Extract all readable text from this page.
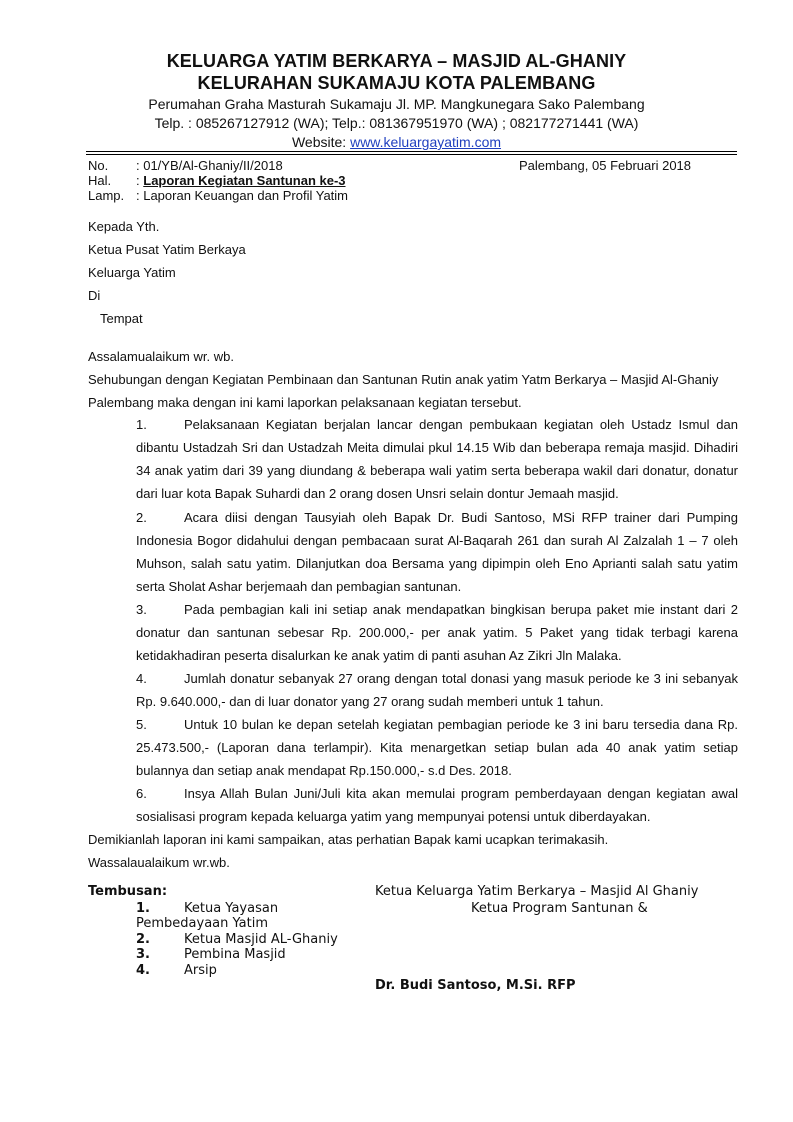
KELUARGA YATIM BERKARYA – MASJID AL-GHANIY
KELURAHAN SUKAMAJU KOTA PALEMBANG
Perumahan Graha Masturah Sukamaju Jl. MP. Mangkunegara Sako Palembang
Telp. : 085267127912 (WA); Telp.: 081367951970 (WA) ; 082177271441 (WA)
Website: www.keluargayatim.com
No. : 01/YB/Al-Ghaniy/II/2018	Palembang, 05 Februari 2018
Hal. : Laporan Kegiatan Santunan ke-3
Lamp. : Laporan Keuangan dan Profil Yatim
Kepada Yth.
Ketua Pusat Yatim Berkaya
Keluarga Yatim
Di
Tempat
Assalamualaikum wr. wb.
Sehubungan dengan Kegiatan Pembinaan dan Santunan Rutin anak yatim Yatm Berkarya – Masjid Al-Ghaniy
Palembang maka dengan ini kami laporkan pelaksanaan kegiatan tersebut.
1.	Pelaksanaan Kegiatan berjalan lancar dengan pembukaan kegiatan oleh Ustadz Ismul dan dibantu Ustadzah Sri dan Ustadzah Meita dimulai pkul 14.15 Wib dan beberapa remaja masjid. Dihadiri 34 anak yatim dari 39 yang diundang & beberapa wali yatim serta beberapa wakil dari donatur, donatur dari luar kota Bapak Suhardi dan 2 orang dosen Unsri selain dontur Jemaah masjid.
2.	Acara diisi dengan Tausyiah oleh Bapak Dr. Budi Santoso, MSi RFP trainer dari Pumping Indonesia Bogor didahului dengan pembacaan surat Al-Baqarah 261 dan surah Al Zalzalah 1 – 7 oleh Muhson, salah satu yatim. Dilanjutkan doa Bersama yang dipimpin oleh Eno Aprianti salah satu yatim serta Sholat Ashar berjemaah dan pembagian santunan.
3.	Pada pembagian kali ini setiap anak mendapatkan bingkisan berupa paket mie instant dari 2 donatur dan santunan sebesar Rp. 200.000,- per anak yatim. 5 Paket yang tidak terbagi karena ketidakhadiran peserta disalurkan ke anak yatim di panti asuhan Az Zikri Jln Malaka.
4.	Jumlah donatur sebanyak 27 orang dengan total donasi yang masuk periode ke 3 ini sebanyak Rp. 9.640.000,- dan di luar donator yang 27 orang sudah memberi untuk 1 tahun.
5.	Untuk 10 bulan ke depan setelah kegiatan pembagian periode ke 3 ini baru tersedia dana Rp. 25.473.500,- (Laporan dana terlampir). Kita menargetkan setiap bulan ada 40 anak yatim setiap bulannya dan setiap anak mendapat Rp.150.000,- s.d Des. 2018.
6.	Insya Allah Bulan Juni/Juli kita akan memulai program pemberdayaan dengan kegiatan awal sosialisasi program kepada keluarga yatim yang mempunyai potensi untuk diberdayakan.
Demikianlah laporan ini kami sampaikan, atas perhatian Bapak kami ucapkan terimakasih.
Wassalaualaikum wr.wb.
Tembusan:
1.	Ketua Yayasan
Pembedayaan Yatim
2.	Ketua Masjid AL-Ghaniy
3.	Pembina Masjid
4.	Arsip
Ketua Keluarga Yatim Berkarya – Masjid Al Ghaniy
Ketua Program Santunan &
Dr. Budi Santoso, M.Si. RFP
